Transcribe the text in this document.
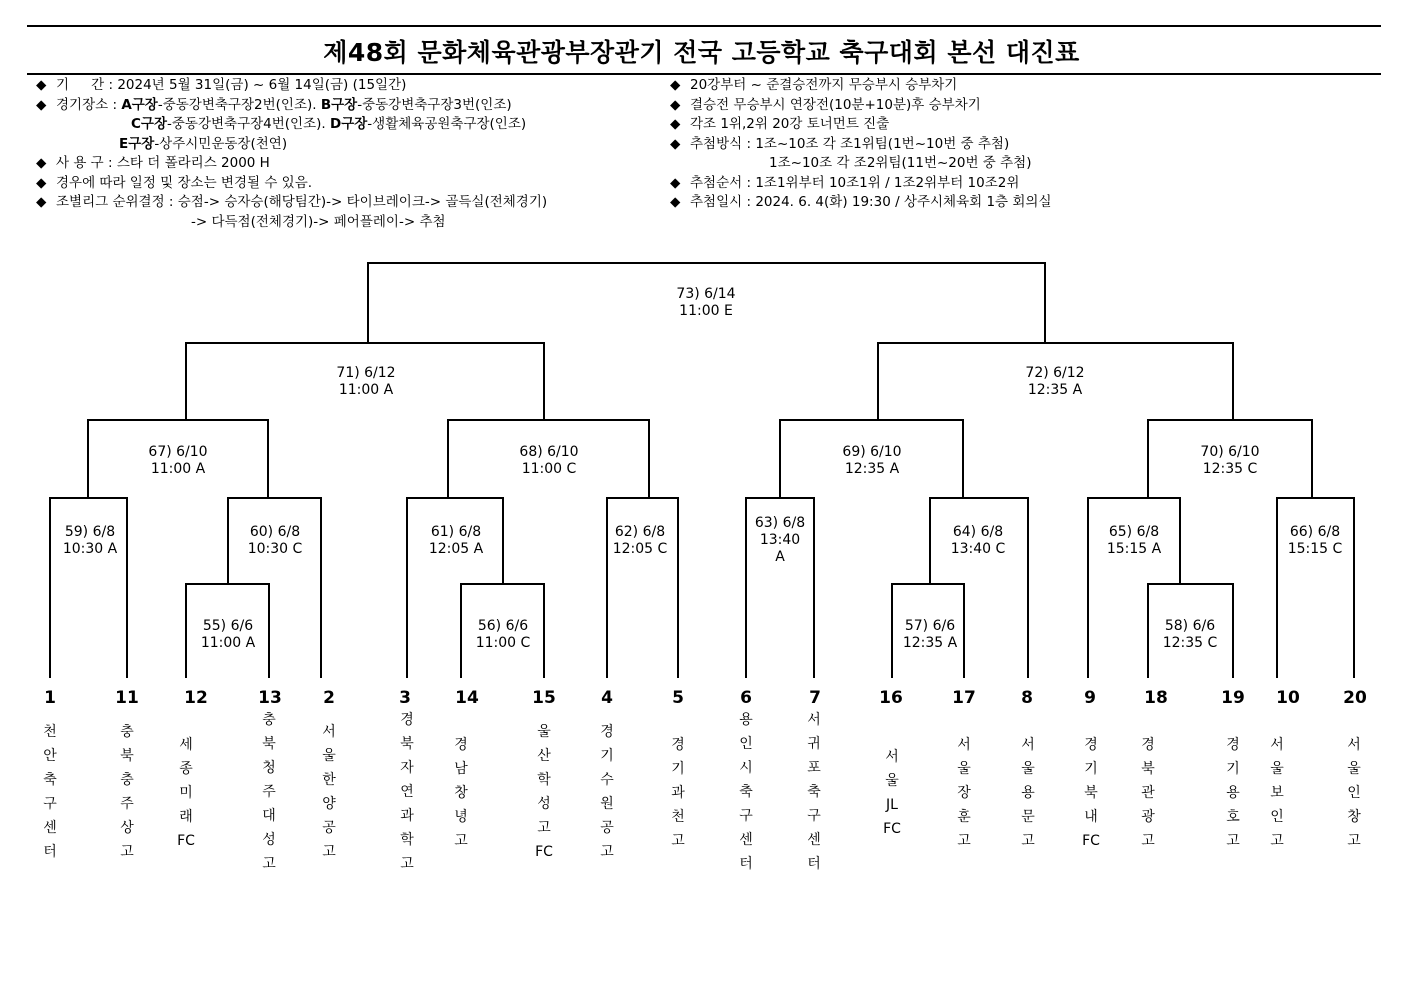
제48회 문화체육관광부장관기 전국 고등학교 축구대회 본선 대진표
◆ 기 　 간 : 2024년 5월 31일(금) ~ 6월 14일(금) (15일간)
◆ 경기장소 : A구장-중동강변축구장2번(인조). B구장-중동강변축구장3번(인조)
C구장-중동강변축구장4번(인조). D구장-생활체육공원축구장(인조)
E구장-상주시민운동장(천연)
◆ 사 용 구 : 스타 더 폴라리스 2000 H
◆ 경우에 따라 일정 및 장소는 변경될 수 있음.
◆ 조별리그 순위결정 : 승점-> 승자승(해당팀간)-> 타이브레이크-> 골득실(전체경기)
-> 다득점(전체경기)-> 페어플레이-> 추첨
◆ 20강부터 ~ 준결승전까지 무승부시 승부차기
◆ 결승전 무승부시 연장전(10분+10분)후 승부차기
◆ 각조 1위,2위 20강 토너먼트 진출
◆ 추첨방식 : 1조~10조 각 조1위팀(1번~10번 중 추첨)
1조~10조 각 조2위팀(11번~20번 중 추첨)
◆ 추첨순서 : 1조1위부터 10조1위 / 1조2위부터 10조2위
◆ 추첨일시 : 2024. 6. 4(화) 19:30 / 상주시체육회 1층 회의실
55) 6/6
11:00 A
56) 6/6
11:00 C
57) 6/6
12:35 A
58) 6/6
12:35 C
59) 6/8
10:30 A
60) 6/8
10:30 C
61) 6/8
12:05 A
62) 6/8
12:05 C
63) 6/8
13:40
A
64) 6/8
13:40 C
65) 6/8
15:15 A
66) 6/8
15:15 C
67) 6/10
11:00 A
68) 6/10
11:00 C
69) 6/10
12:35 A
70) 6/10
12:35 C
71) 6/12
11:00 A
72) 6/12
12:35 A
73) 6/14
11:00 E
1	11	12	13 2	3	14	15	4	5	6	7	16	17	8	9	18	19 10	20
천
안
축
구
센
터
충
북
충
주
상
고
세
종
미
래
FC
충
북
청
주
대
성
고
서
울
한
양
공
고
경
북
자
연
과
학
고
경
남
창
녕
고
울
산
학
성
고
FC
경
기
수
원
공
고
경
기
과
천
고
용
인
시
축
구
센
터
서
귀
포
축
구
센
터
서
울
JL
FC
서
울
장
훈
고
서
울
용
문
고
경
기
북
내
FC
경
북
관
광
고
경
기
용
호
고
서
울
보
인
고
서
울
인
창
고
